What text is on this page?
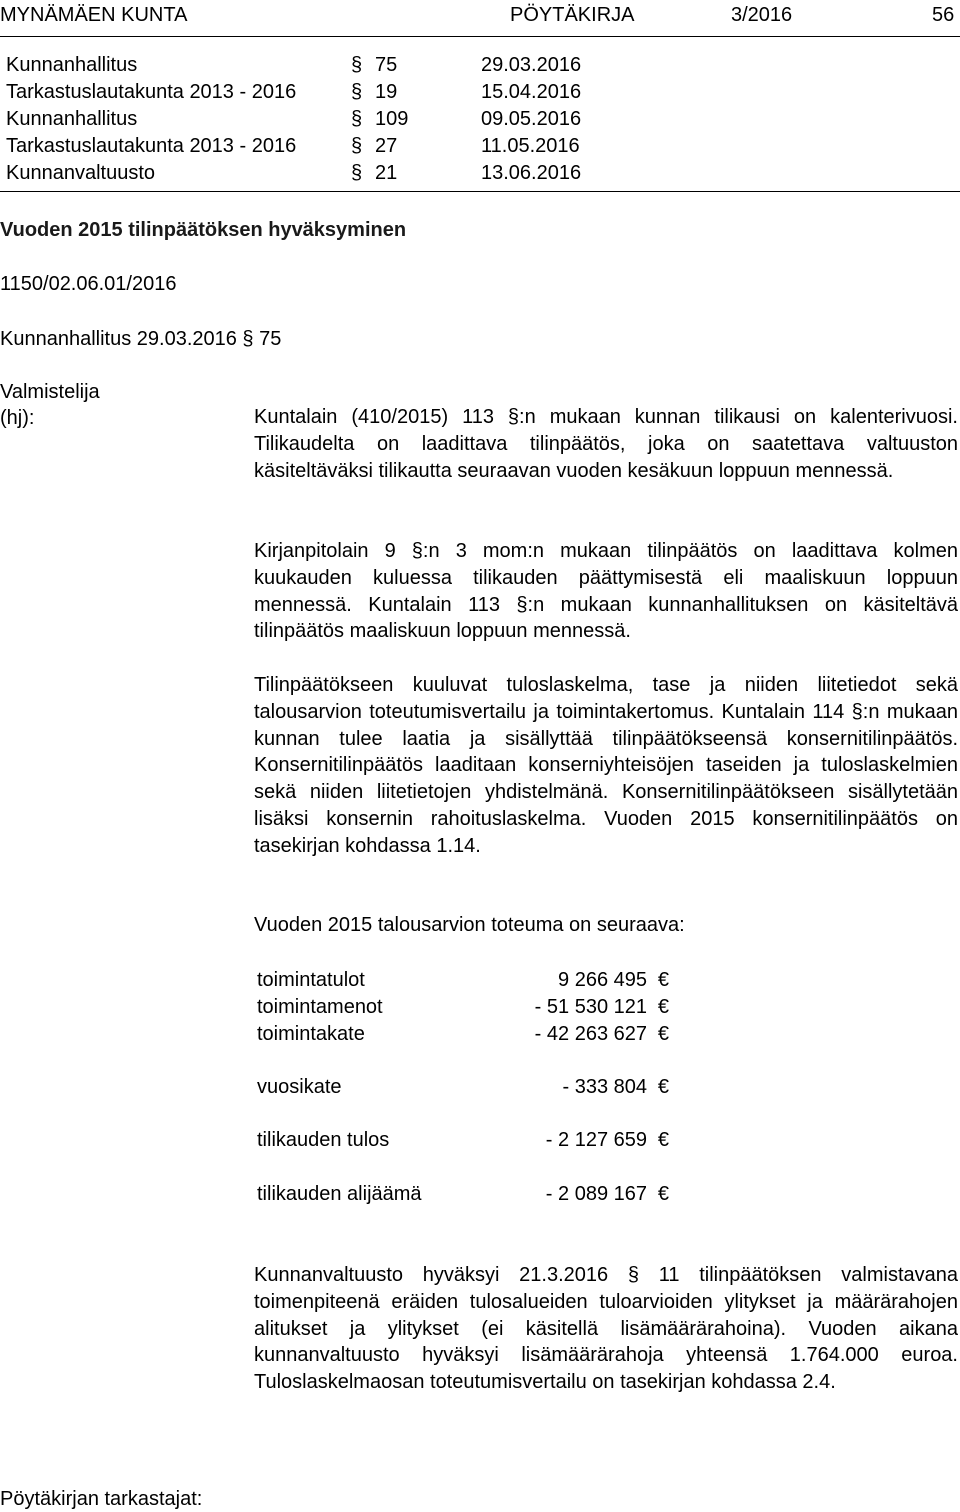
MYNÄMÄEN KUNTA	PÖYTÄKIRJA	3/2016	56
Kunnanhallitus	§ 75	29.03.2016
Tarkastuslautakunta 2013 - 2016	§ 19	15.04.2016
Kunnanhallitus	§ 109	09.05.2016
Tarkastuslautakunta 2013 - 2016	§ 27	11.05.2016
Kunnanvaltuusto	§ 21	13.06.2016
Vuoden 2015 tilinpäätöksen hyväksyminen
1150/02.06.01/2016
Kunnanhallitus 29.03.2016 § 75
Valmistelija
(hj):	Kuntalain (410/2015) 113 §:n mukaan kunnan tilikausi on kalenterivuosi. Tilikaudelta on laadittava tilinpäätös, joka on saatettava valtuuston käsiteltäväksi tilikautta seuraavan vuoden kesäkuun loppuun mennessä.

Kirjanpitolain 9 §:n 3 mom:n mukaan tilinpäätös on laadittava kolmen kuukauden kuluessa tilikauden päättymisestä eli maaliskuun loppuun mennessä. Kuntalain 113 §:n mukaan kunnanhallituksen on käsiteltävä tilinpäätös maaliskuun loppuun mennessä.

Tilinpäätökseen kuuluvat tuloslaskelma, tase ja niiden liitetiedot sekä talousarvion toteutumisvertailu ja toimintakertomus. Kuntalain 114 §:n mukaan kunnan tulee laatia ja sisällyttää tilinpäätökseensä konsernitilinpäätös. Konsernitilinpäätös laaditaan konserniyhteisöjen taseiden ja tuloslaskelmien sekä niiden liitetietojen yhdistelmänä. Konsernitilinpäätökseen sisällytetään lisäksi konsernin rahoituslaskelma. Vuoden 2015 konsernitilinpäätös on tasekirjan kohdassa 1.14.

Vuoden 2015 talousarvion toteuma on seuraava:

toimintatulot	9 266 495 €
toimintamenot	- 51 530 121 €
toimintakate	- 42 263 627 €
vuosikate	- 333 804 €
tilikauden tulos	- 2 127 659 €
tilikauden alijäämä	- 2 089 167 €

Kunnanvaltuusto hyväksyi 21.3.2016 § 11 tilinpäätöksen valmistavana toimenpiteenä eräiden tulosalueiden tuloarvioiden ylitykset ja määrärahojen alitukset ja ylitykset (ei käsitellä lisämäärärahoina). Vuoden aikana kunnanvaltuusto hyväksyi lisämäärärahoja yhteensä 1.764.000 euroa. Tuloslaskelmaosan toteutumisvertailu on tasekirjan kohdassa 2.4.

Pöytäkirjan tarkastajat:
